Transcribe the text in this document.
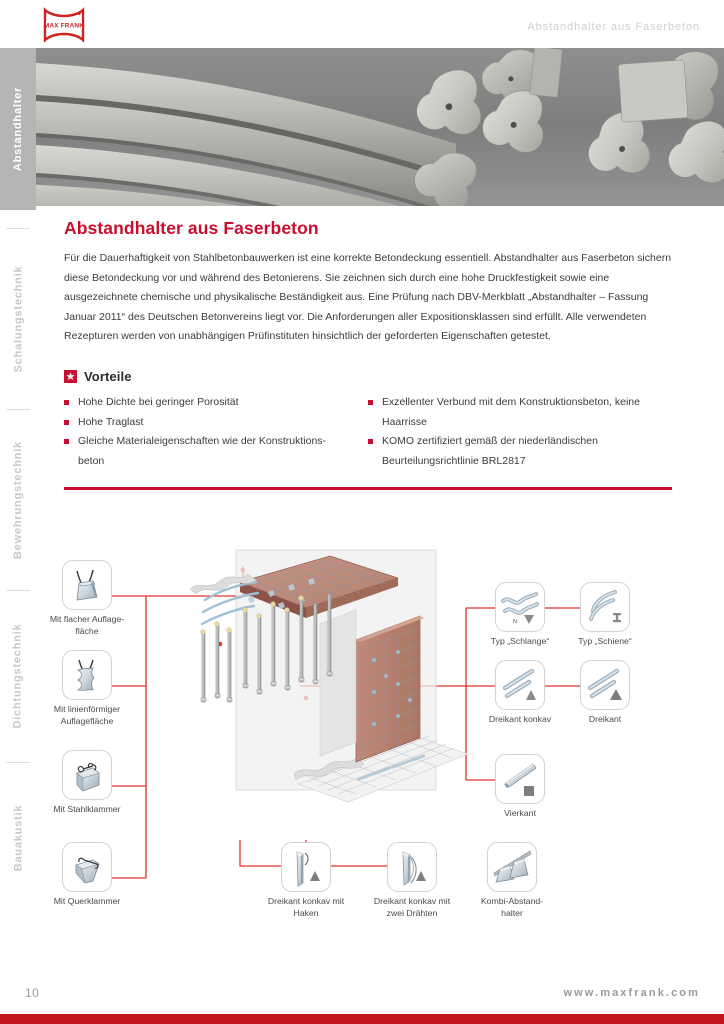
MAX FRANK	Abstandhalter aus Faserbeton
Abstandhalter
Schalungstechnik
Bewehrungstechnik
Dichtungstechnik
Bauakustik
Abstandhalter aus Faserbeton

Für die Dauerhaftigkeit von Stahlbetonbauwerken ist eine korrekte Betondeckung essentiell. Abstandhalter aus Faserbeton sichern diese Betondeckung vor und während des Betonierens. Sie zeichnen sich durch eine hohe Druckfestigkeit sowie eine ausgezeichnete chemische und physikalische Beständigkeit aus. Eine Prüfung nach DBV-Merkblatt „Abstandhalter – Fassung Januar 2011“ des Deutschen Betonvereins liegt vor. Die Anforderungen aller Expositionsklassen sind erfüllt. Alle verwendeten Rezepturen werden von unabhängigen Prüfinstituten hinsichtlich der geforderten Eigenschaften getestet.

Vorteile
Hohe Dichte bei geringer Porosität
Hohe Traglast
Gleiche Materialeigenschaften wie der Konstruktions-beton
Exzellenter Verbund mit dem Konstruktionsbeton, keine Haarrisse
KOMO zertifiziert gemäß der niederländischen Beurteilungsrichtlinie BRL2817
Mit flacher Auflage-
fläche
Mit linienförmiger
Auflagefläche
Mit Stahlklammer
Mit Querklammer
N
Typ „Schlange“	Typ „Schiene“
Dreikant konkav	Dreikant
Vierkant
Dreikant konkav mit
Haken
Dreikant konkav mit
zwei Drähten
Kombi-Abstand-
halter
10	www.maxfrank.com
